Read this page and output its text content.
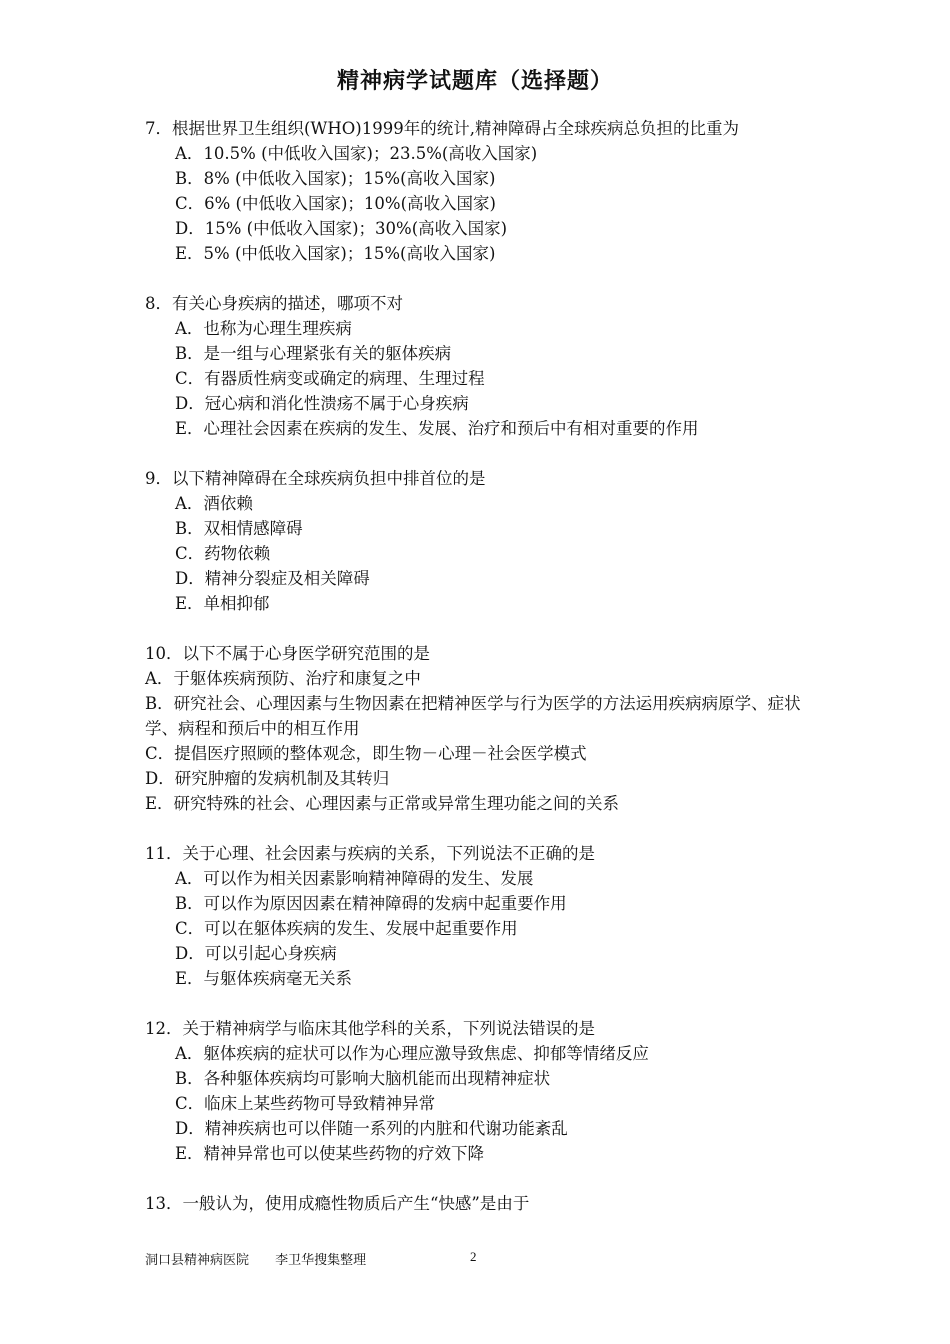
精神病学试题库（选择题）
7．根据世界卫生组织(WHO)1999年的统计,精神障碍占全球疾病总负担的比重为
A．10.5% (中低收入国家)；23.5%(高收入国家)
B．8% (中低收入国家)；15%(高收入国家)
C．6% (中低收入国家)；10%(高收入国家)
D．15% (中低收入国家)；30%(高收入国家)
E．5% (中低收入国家)；15%(高收入国家)
8．有关心身疾病的描述，哪项不对
A．也称为心理生理疾病
B．是一组与心理紧张有关的躯体疾病
C．有器质性病变或确定的病理、生理过程
D．冠心病和消化性溃疡不属于心身疾病
E．心理社会因素在疾病的发生、发展、治疗和预后中有相对重要的作用
9．以下精神障碍在全球疾病负担中排首位的是
A．酒依赖
B．双相情感障碍
C．药物依赖
D．精神分裂症及相关障碍
E．单相抑郁
10．以下不属于心身医学研究范围的是
A．于躯体疾病预防、治疗和康复之中
B．研究社会、心理因素与生物因素在把精神医学与行为医学的方法运用疾病病原学、症状学、病程和预后中的相互作用
C．提倡医疗照顾的整体观念，即生物－心理－社会医学模式
D．研究肿瘤的发病机制及其转归
E．研究特殊的社会、心理因素与正常或异常生理功能之间的关系
11．关于心理、社会因素与疾病的关系，下列说法不正确的是
A．可以作为相关因素影响精神障碍的发生、发展
B．可以作为原因因素在精神障碍的发病中起重要作用
C．可以在躯体疾病的发生、发展中起重要作用
D．可以引起心身疾病
E．与躯体疾病毫无关系
12．关于精神病学与临床其他学科的关系，下列说法错误的是
A．躯体疾病的症状可以作为心理应激导致焦虑、抑郁等情绪反应
B．各种躯体疾病均可影响大脑机能而出现精神症状
C．临床上某些药物可导致精神异常
D．精神疾病也可以伴随一系列的内脏和代谢功能紊乱
E．精神异常也可以使某些药物的疗效下降
13．一般认为，使用成瘾性物质后产生“快感”是由于
洞口县精神病医院 李卫华搜集整理	2
